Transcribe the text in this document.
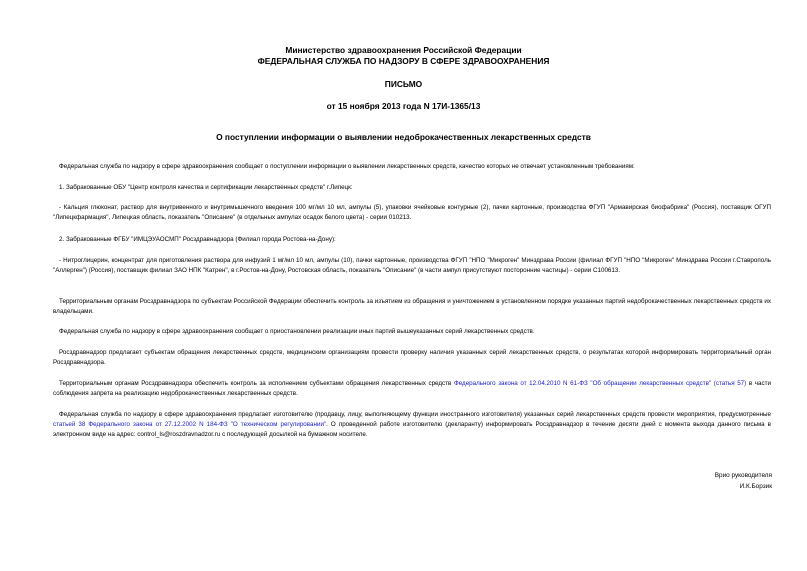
Министерство здравоохранения Российской Федерации
ФЕДЕРАЛЬНАЯ СЛУЖБА ПО НАДЗОРУ В СФЕРЕ ЗДРАВООХРАНЕНИЯ
ПИСЬМО
от 15 ноября 2013 года N 17И-1365/13
О поступлении информации о выявлении недоброкачественных лекарственных средств
Федеральная служба по надзору в сфере здравоохранения сообщает о поступлении информации о выявлении лекарственных средств, качество которых не отвечает установленным требованиям:
1. Забракованные ОБУ "Центр контроля качества и сертификации лекарственных средств" г.Липецк:
- Кальция глюконат, раствор для внутривенного и внутримышечного введения 100 мг/мл 10 мл, ампулы (5), упаковки ячейковые контурные (2), пачки картонные, производства ФГУП "Армавирская биофабрика" (Россия), поставщик ОГУП "Липецкфармация", Липецкая область, показатель "Описание" (в отдельных ампулах осадок белого цвета) - серии 010213.
2. Забракованные ФГБУ "ИМЦЭУАОСМП" Росздравнадзора (Филиал города Ростова-на-Дону):
- Нитроглицерин, концентрат для приготовления раствора для инфузий 1 мг/мл 10 мл, ампулы (10), пачки картонные, производства ФГУП "НПО "Микроген" Минздрава России (филиал ФГУП "НПО "Микроген" Минздрава России г.Ставрополь "Аллерген") (Россия), поставщик филиал ЗАО НПК "Катрен", в г.Ростов-на-Дону, Ростовская область, показатель "Описание" (в части ампул присутствуют посторонние частицы) - серии С100613.
Территориальным органам Росздравнадзора по субъектам Российской Федерации обеспечить контроль за изъятием из обращения и уничтожением в установленном порядке указанных партий недоброкачественных лекарственных средств их владельцами.
Федеральная служба по надзору в сфере здравоохранения сообщает о приостановлении реализации иных партий вышеуказанных серий лекарственных средств.
Росздравнадзор предлагает субъектам обращения лекарственных средств, медицинским организациям провести проверку наличия указанных серий лекарственных средств, о результатах которой информировать территориальный орган Росздравнадзора.
Территориальным органам Росздравнадзора обеспечить контроль за исполнением субъектами обращения лекарственных средств Федерального закона от 12.04.2010 N 61-ФЗ "Об обращении лекарственных средств" (статья 57) в части соблюдения запрета на реализацию недоброкачественных лекарственных средств.
Федеральная служба по надзору в сфере здравоохранения предлагает изготовителю (продавцу, лицу, выполняющему функции иностранного изготовителя) указанных серий лекарственных средств провести мероприятия, предусмотренные статьей 38 Федерального закона от 27.12.2002 N 184-ФЗ "О техническом регулировании". О проведенной работе изготовителю (декларанту) информировать Росздравнадзор в течение десяти дней с момента выхода данного письма в электронном виде на адрес: control_ls@roszdravnadzor.ru с последующей досылкой на бумажном носителе.
Врио руководителя
И.К.Борзик
